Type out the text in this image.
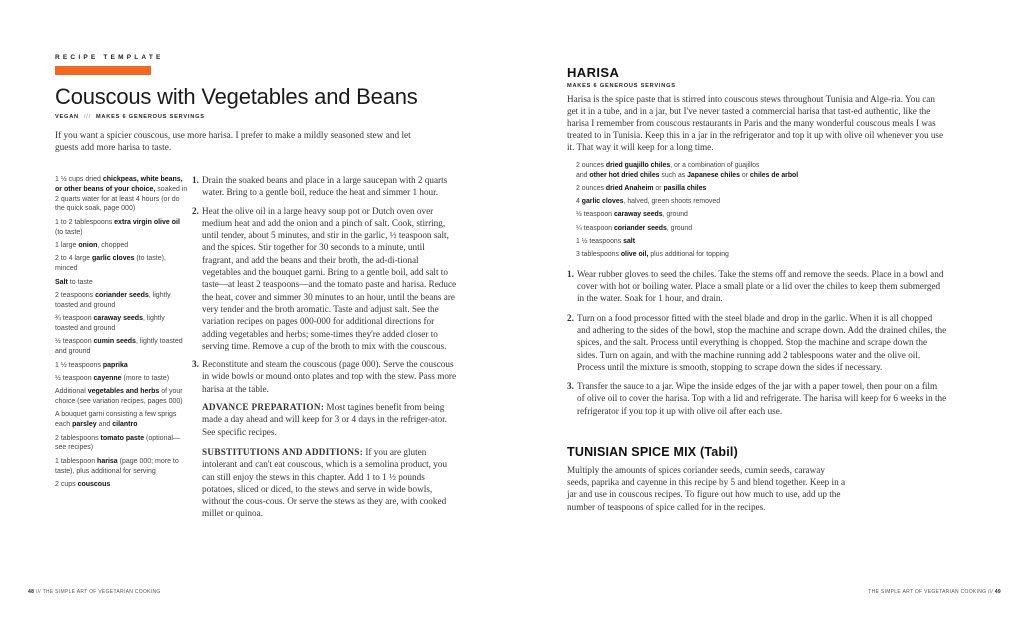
RECIPE TEMPLATE
Couscous with Vegetables and Beans
VEGAN /// MAKES 6 GENEROUS SERVINGS
If you want a spicier couscous, use more harisa. I prefer to make a mildly seasoned stew and let guests add more harisa to taste.
1 ½ cups dried chickpeas, white beans, or other beans of your choice, soaked in 2 quarts water for at least 4 hours (or do the quick soak, page 000)
1 to 2 tablespoons extra virgin olive oil (to taste)
1 large onion, chopped
2 to 4 large garlic cloves (to taste), minced
Salt to taste
2 teaspoons coriander seeds, lightly toasted and ground
¾ teaspoon caraway seeds, lightly toasted and ground
½ teaspoon cumin seeds, lightly toasted and ground
1 ½ teaspoons paprika
½ teaspoon cayenne (more to taste)
Additional vegetables and herbs of your choice (see variation recipes, pages 000)
A bouquet garni consisting a few sprigs each parsley and cilantro
2 tablespoons tomato paste (optional—see recipes)
1 tablespoon harisa (page 000; more to taste), plus additional for serving
2 cups couscous
1. Drain the soaked beans and place in a large saucepan with 2 quarts water. Bring to a gentle boil, reduce the heat and simmer 1 hour.
2. Heat the olive oil in a large heavy soup pot or Dutch oven over medium heat and add the onion and a pinch of salt. Cook, stirring, until tender, about 5 minutes, and stir in the garlic, ½ teaspoon salt, and the spices. Stir together for 30 seconds to a minute, until fragrant, and add the beans and their broth, the ad-di-tional vegetables and the bouquet garni. Bring to a gentle boil, add salt to taste—at least 2 teaspoons—and the tomato paste and harisa. Reduce the heat, cover and simmer 30 minutes to an hour, until the beans are very tender and the broth aromatic. Taste and adjust salt. See the variation recipes on pages 000-000 for additional directions for adding vegetables and herbs; some-times they're added closer to serving time. Remove a cup of the broth to mix with the couscous.
3. Reconstitute and steam the couscous (page 000). Serve the couscous in wide bowls or mound onto plates and top with the stew. Pass more harisa at the table.

ADVANCE PREPARATION: Most tagines benefit from being made a day ahead and will keep for 3 or 4 days in the refriger-ator. See specific recipes.

SUBSTITUTIONS AND ADDITIONS: If you are gluten intolerant and can't eat couscous, which is a semolina product, you can still enjoy the stews in this chapter. Add 1 to 1 ½ pounds potatoes, sliced or diced, to the stews and serve in wide bowls, without the cous-cous. Or serve the stews as they are, with cooked millet or quinoa.

48 /// THE SIMPLE ART OF VEGETARIAN COOKING
HARISA
MAKES 6 GENEROUS SERVINGS
Harisa is the spice paste that is stirred into couscous stews throughout Tunisia and Alge-ria. You can get it in a tube, and in a jar, but I've never tasted a commercial harisa that tast-ed authentic, like the harisa I remember from couscous restaurants in Paris and the many wonderful couscous meals I was treated to in Tunisia. Keep this in a jar in the refrigerator and top it up with olive oil whenever you use it. That way it will keep for a long time.
2 ounces dried guajillo chiles, or a combination of guajillos
and other hot dried chiles such as Japanese chiles or chiles de arbol
2 ounces dried Anaheim or pasilla chiles
4 garlic cloves, halved, green shoots removed
½ teaspoon caraway seeds, ground
¼ teaspoon coriander seeds, ground
1 ½ teaspoons salt
3 tablespoons olive oil, plus additional for topping
1. Wear rubber gloves to seed the chiles. Take the stems off and remove the seeds. Place in a bowl and cover with hot or boiling water. Place a small plate or a lid over the chiles to keep them submerged in the water. Soak for 1 hour, and drain.
2. Turn on a food processor fitted with the steel blade and drop in the garlic. When it is all chopped and adhering to the sides of the bowl, stop the machine and scrape down. Add the drained chiles, the spices, and the salt. Process until everything is chopped. Stop the machine and scrape down the sides. Turn on again, and with the machine running add 2 tablespoons water and the olive oil. Process until the mixture is smooth, stopping to scrape down the sides if necessary.
3. Transfer the sauce to a jar. Wipe the inside edges of the jar with a paper towel, then pour on a film of olive oil to cover the harisa. Top with a lid and refrigerate. The harisa will keep for 6 weeks in the refrigerator if you top it up with olive oil after each use.
TUNISIAN SPICE MIX (Tabil)
Multiply the amounts of spices coriander seeds, cumin seeds, caraway seeds, paprika and cayenne in this recipe by 5 and blend together. Keep in a jar and use in couscous recipes. To figure out how much to use, add up the number of teaspoons of spice called for in the recipes.
THE SIMPLE ART OF VEGETARIAN COOKING /// 49
